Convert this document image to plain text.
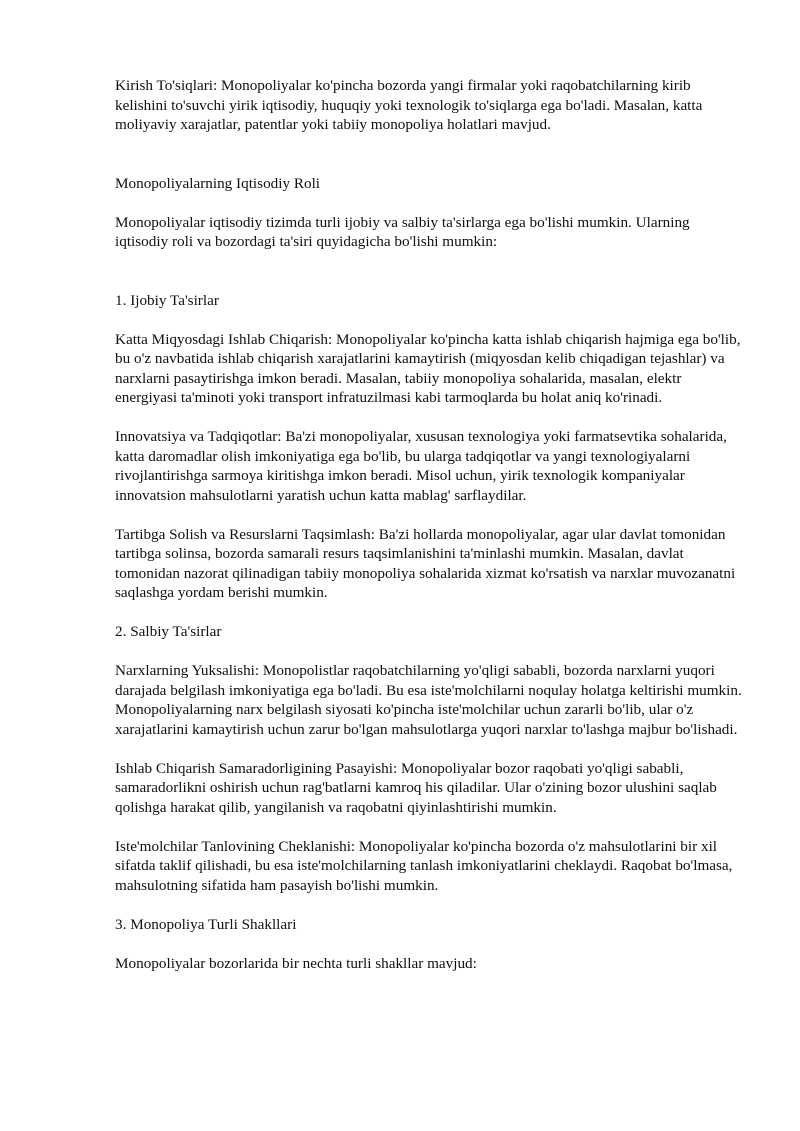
Kirish To'siqlari: Monopoliyalar ko'pincha bozorda yangi firmalar yoki raqobatchilarning kirib kelishini to'suvchi yirik iqtisodiy, huquqiy yoki texnologik to'siqlarga ega bo'ladi. Masalan, katta moliyaviy xarajatlar, patentlar yoki tabiiy monopoliya holatlari mavjud.

Monopoliyalarning Iqtisodiy Roli

Monopoliyalar iqtisodiy tizimda turli ijobiy va salbiy ta'sirlarga ega bo'lishi mumkin. Ularning iqtisodiy roli va bozordagi ta'siri quyidagicha bo'lishi mumkin:

1. Ijobiy Ta'sirlar

Katta Miqyosdagi Ishlab Chiqarish: Monopoliyalar ko'pincha katta ishlab chiqarish hajmiga ega bo'lib, bu o'z navbatida ishlab chiqarish xarajatlarini kamaytirish (miqyosdan kelib chiqadigan tejashlar) va narxlarni pasaytirishga imkon beradi. Masalan, tabiiy monopoliya sohalarida, masalan, elektr energiyasi ta'minoti yoki transport infratuzilmasi kabi tarmoqlarda bu holat aniq ko'rinadi.

Innovatsiya va Tadqiqotlar: Ba'zi monopoliyalar, xususan texnologiya yoki farmatsevtika sohalarida, katta daromadlar olish imkoniyatiga ega bo'lib, bu ularga tadqiqotlar va yangi texnologiyalarni rivojlantirishga sarmoya kiritishga imkon beradi. Misol uchun, yirik texnologik kompaniyalar innovatsion mahsulotlarni yaratish uchun katta mablag' sarflaydilar.

Tartibga Solish va Resurslarni Taqsimlash: Ba'zi hollarda monopoliyalar, agar ular davlat tomonidan tartibga solinsa, bozorda samarali resurs taqsimlanishini ta'minlashi mumkin. Masalan, davlat tomonidan nazorat qilinadigan tabiiy monopoliya sohalarida xizmat ko'rsatish va narxlar muvozanatni saqlashga yordam berishi mumkin.

2. Salbiy Ta'sirlar

Narxlarning Yuksalishi: Monopolistlar raqobatchilarning yo'qligi sababli, bozorda narxlarni yuqori darajada belgilash imkoniyatiga ega bo'ladi. Bu esa iste'molchilarni noqulay holatga keltirishi mumkin. Monopoliyalarning narx belgilash siyosati ko'pincha iste'molchilar uchun zararli bo'lib, ular o'z xarajatlarini kamaytirish uchun zarur bo'lgan mahsulotlarga yuqori narxlar to'lashga majbur bo'lishadi.

Ishlab Chiqarish Samaradorligining Pasayishi: Monopoliyalar bozor raqobati yo'qligi sababli, samaradorlikni oshirish uchun rag'batlarni kamroq his qiladilar. Ular o'zining bozor ulushini saqlab qolishga harakat qilib, yangilanish va raqobatni qiyinlashtirishi mumkin.

Iste'molchilar Tanlovining Cheklanishi: Monopoliyalar ko'pincha bozorda o'z mahsulotlarini bir xil sifatda taklif qilishadi, bu esa iste'molchilarning tanlash imkoniyatlarini cheklaydi. Raqobat bo'lmasa, mahsulotning sifatida ham pasayish bo'lishi mumkin.

3. Monopoliya Turli Shakllari

Monopoliyalar bozorlarida bir nechta turli shakllar mavjud:
